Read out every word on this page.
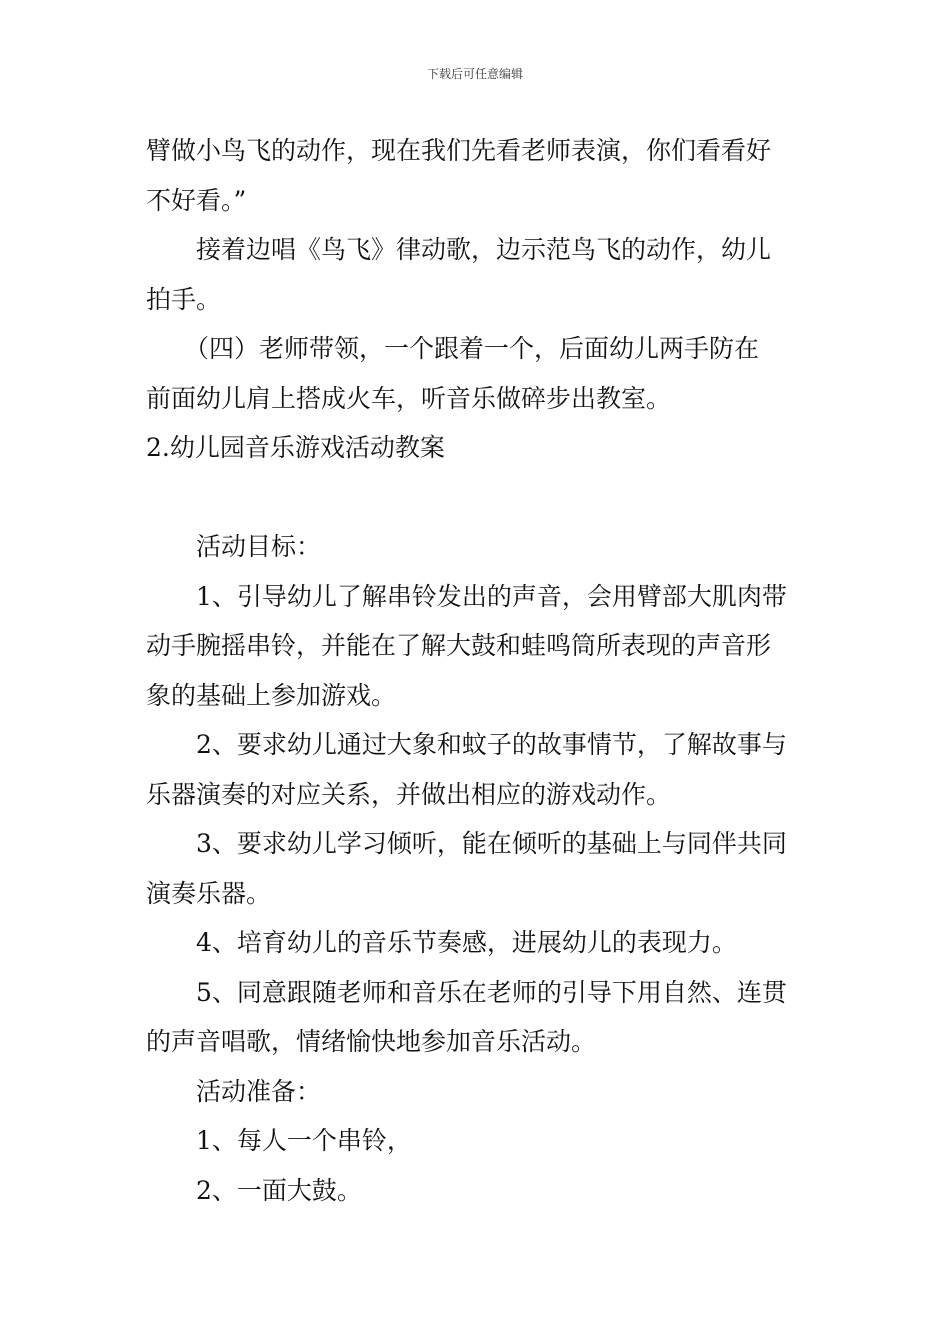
下载后可任意编辑
臂做小鸟飞的动作，现在我们先看老师表演，你们看看好
不好看。”
接着边唱《鸟飞》律动歌，边示范鸟飞的动作，幼儿
拍手。
（四）老师带领，一个跟着一个，后面幼儿两手防在
前面幼儿肩上搭成火车，听音乐做碎步出教室。
2.幼儿园音乐游戏活动教案
活动目标：
1、引导幼儿了解串铃发出的声音，会用臂部大肌肉带
动手腕摇串铃，并能在了解大鼓和蛙鸣筒所表现的声音形
象的基础上参加游戏。
2、要求幼儿通过大象和蚊子的故事情节，了解故事与
乐器演奏的对应关系，并做出相应的游戏动作。
3、要求幼儿学习倾听，能在倾听的基础上与同伴共同
演奏乐器。
4、培育幼儿的音乐节奏感，进展幼儿的表现力。
5、同意跟随老师和音乐在老师的引导下用自然、连贯
的声音唱歌，情绪愉快地参加音乐活动。
活动准备：
1、每人一个串铃，
2、一面大鼓。
